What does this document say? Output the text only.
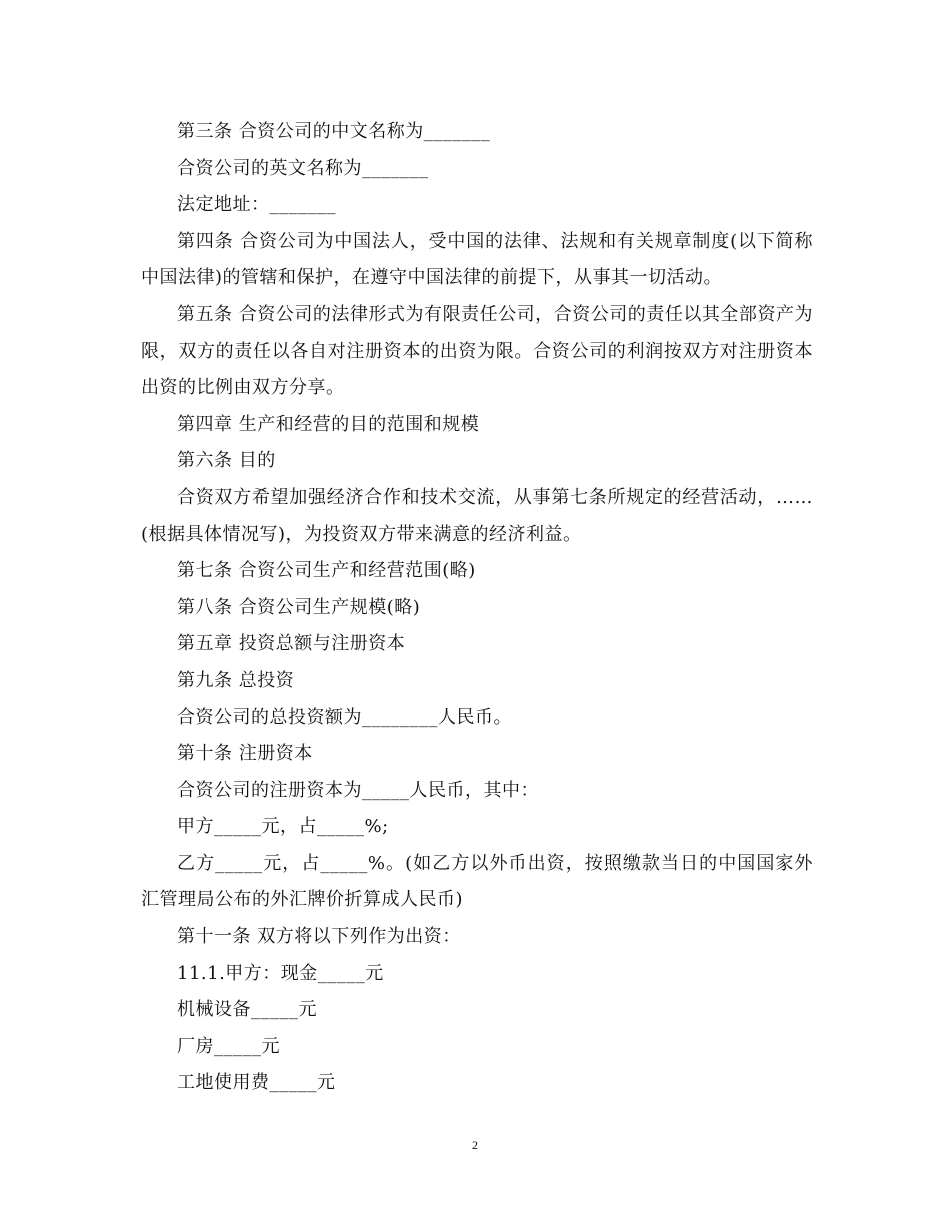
第三条 合资公司的中文名称为_______

合资公司的英文名称为_______

法定地址：_______

第四条 合资公司为中国法人，受中国的法律、法规和有关规章制度(以下简称中国法律)的管辖和保护，在遵守中国法律的前提下，从事其一切活动。

第五条 合资公司的法律形式为有限责任公司，合资公司的责任以其全部资产为限，双方的责任以各自对注册资本的出资为限。合资公司的利润按双方对注册资本出资的比例由双方分享。

第四章 生产和经营的目的范围和规模

第六条 目的

合资双方希望加强经济合作和技术交流，从事第七条所规定的经营活动，……(根据具体情况写)，为投资双方带来满意的经济利益。

第七条 合资公司生产和经营范围(略)

第八条 合资公司生产规模(略)

第五章 投资总额与注册资本

第九条 总投资

合资公司的总投资额为________人民币。

第十条 注册资本

合资公司的注册资本为_____人民币，其中：

甲方_____元，占_____%;

乙方_____元，占_____%。(如乙方以外币出资，按照缴款当日的中国国家外汇管理局公布的外汇牌价折算成人民币)

第十一条 双方将以下列作为出资：

11.1.甲方：现金_____元

机械设备_____元

厂房_____元

工地使用费_____元

2
